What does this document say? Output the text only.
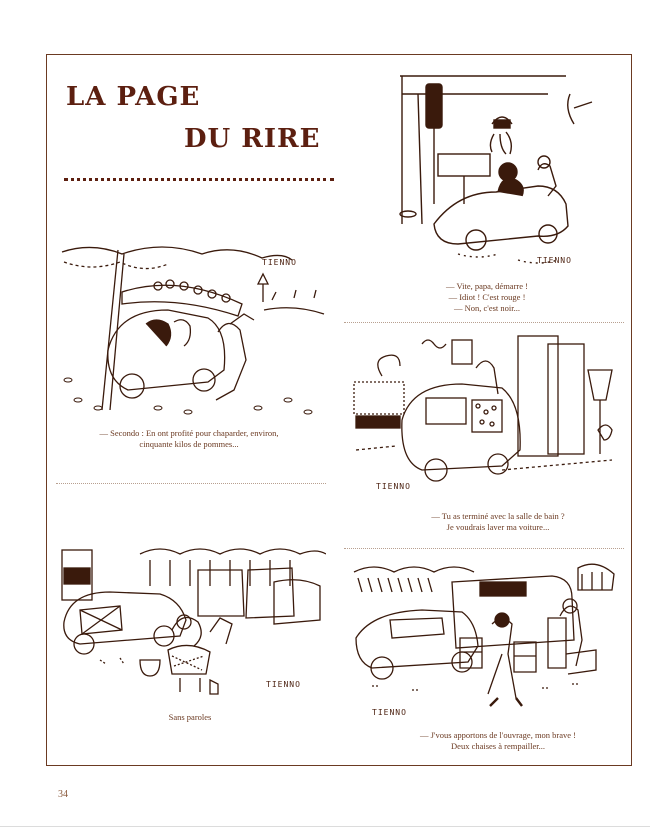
LA PAGE
DU RIRE
TIENNO
— Vite, papa, démarre !
— Idiot ! C'est rouge !
— Non, c'est noir...
TIENNO
— Secondo : En ont profité pour chaparder, environ,
cinquante kilos de pommes...
TIENNO
— Tu as terminé avec la salle de bain ?
Je voudrais laver ma voiture...
TIENNO
Sans paroles	TIENNO
— J'vous apportons de l'ouvrage, mon brave !
Deux chaises à rempailler...
34
